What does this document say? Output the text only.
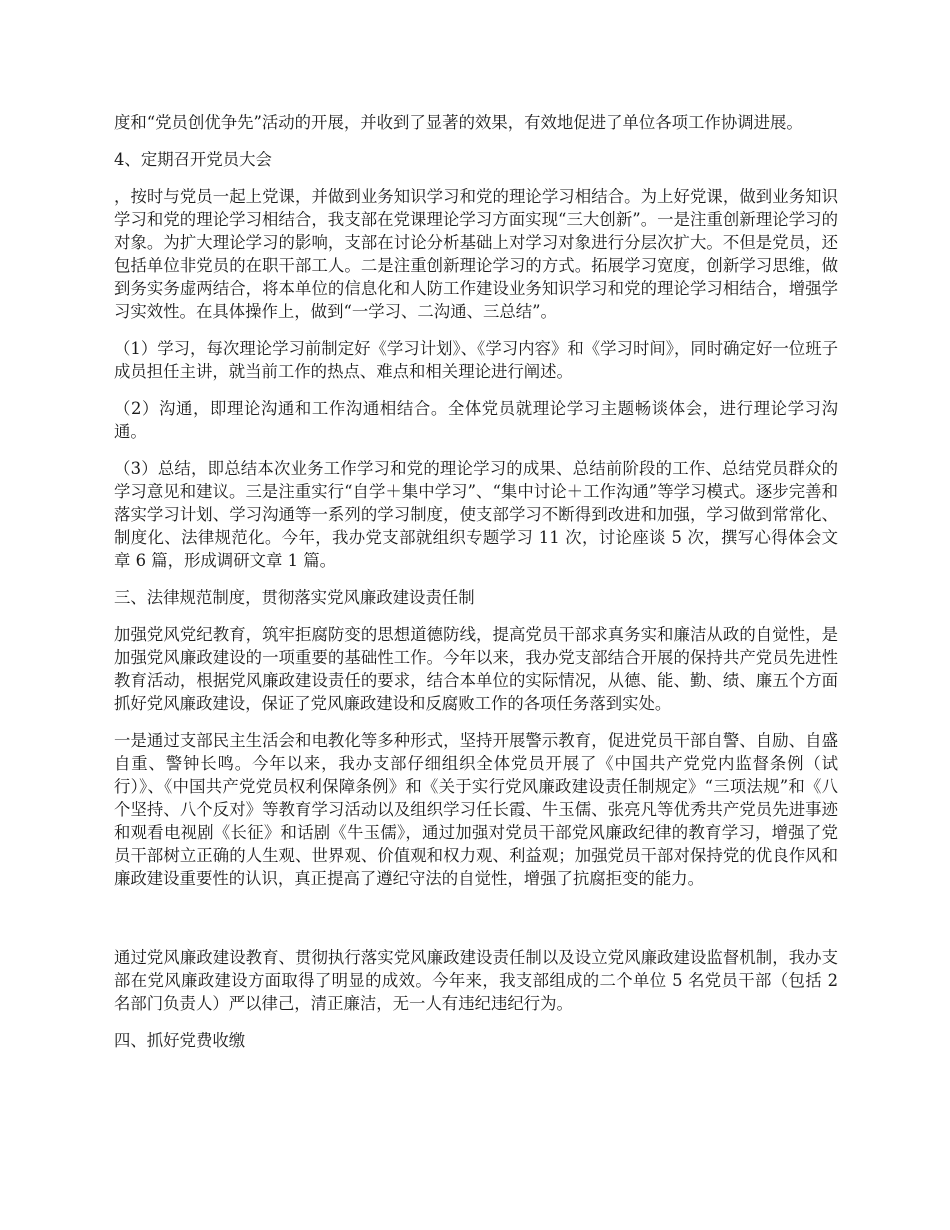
度和“党员创优争先”活动的开展，并收到了显著的效果，有效地促进了单位各项工作协调进展。

4、定期召开党员大会

，按时与党员一起上党课，并做到业务知识学习和党的理论学习相结合。为上好党课，做到业务知识学习和党的理论学习相结合，我支部在党课理论学习方面实现“三大创新”。一是注重创新理论学习的对象。为扩大理论学习的影响，支部在讨论分析基础上对学习对象进行分层次扩大。不但是党员，还包括单位非党员的在职干部工人。二是注重创新理论学习的方式。拓展学习宽度，创新学习思维，做到务实务虚两结合，将本单位的信息化和人防工作建设业务知识学习和党的理论学习相结合，增强学习实效性。在具体操作上，做到“一学习、二沟通、三总结”。

（1）学习，每次理论学习前制定好《学习计划》、《学习内容》和《学习时间》，同时确定好一位班子成员担任主讲，就当前工作的热点、难点和相关理论进行阐述。

（2）沟通，即理论沟通和工作沟通相结合。全体党员就理论学习主题畅谈体会，进行理论学习沟通。

（3）总结，即总结本次业务工作学习和党的理论学习的成果、总结前阶段的工作、总结党员群众的学习意见和建议。三是注重实行“自学＋集中学习”、“集中讨论＋工作沟通”等学习模式。逐步完善和落实学习计划、学习沟通等一系列的学习制度，使支部学习不断得到改进和加强，学习做到常常化、制度化、法律规范化。今年，我办党支部就组织专题学习 11 次，讨论座谈 5 次，撰写心得体会文章 6 篇，形成调研文章 1 篇。

三、法律规范制度，贯彻落实党风廉政建设责任制

加强党风党纪教育，筑牢拒腐防变的思想道德防线，提高党员干部求真务实和廉洁从政的自觉性，是加强党风廉政建设的一项重要的基础性工作。今年以来，我办党支部结合开展的保持共产党员先进性教育活动，根据党风廉政建设责任的要求，结合本单位的实际情况，从德、能、勤、绩、廉五个方面抓好党风廉政建设，保证了党风廉政建设和反腐败工作的各项任务落到实处。

一是通过支部民主生活会和电教化等多种形式，坚持开展警示教育，促进党员干部自警、自励、自盛自重、警钟长鸣。今年以来，我办支部仔细组织全体党员开展了《中国共产党党内监督条例（试行）》、《中国共产党党员权利保障条例》和《关于实行党风廉政建设责任制规定》“三项法规”和《八个坚持、八个反对》等教育学习活动以及组织学习任长霞、牛玉儒、张亮凡等优秀共产党员先进事迹和观看电视剧《长征》和话剧《牛玉儒》，通过加强对党员干部党风廉政纪律的教育学习，增强了党员干部树立正确的人生观、世界观、价值观和权力观、利益观；加强党员干部对保持党的优良作风和廉政建设重要性的认识，真正提高了遵纪守法的自觉性，增强了抗腐拒变的能力。

通过党风廉政建设教育、贯彻执行落实党风廉政建设责任制以及设立党风廉政建设监督机制，我办支部在党风廉政建设方面取得了明显的成效。今年来，我支部组成的二个单位 5 名党员干部（包括 2 名部门负责人）严以律己，清正廉洁，无一人有违纪违纪行为。

四、抓好党费收缴
